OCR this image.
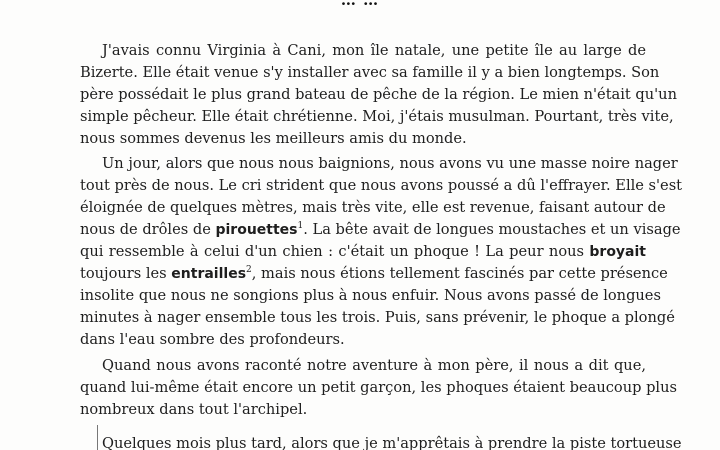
… …
J'avais connu Virginia à Cani, mon île natale, une petite île au large de
Bizerte. Elle était venue s'y installer avec sa famille il y a bien longtemps. Son
père possédait le plus grand bateau de pêche de la région. Le mien n'était qu'un
simple pêcheur. Elle était chrétienne. Moi, j'étais musulman. Pourtant, très vite,
nous sommes devenus les meilleurs amis du monde.
Un jour, alors que nous nous baignions, nous avons vu une masse noire nager
tout près de nous. Le cri strident que nous avons poussé a dû l'effrayer. Elle s'est
éloignée de quelques mètres, mais très vite, elle est revenue, faisant autour de
nous de drôles de pirouettes$^1$. La bête avait de longues moustaches et un visage
qui ressemble à celui d'un chien : c'était un phoque ! La peur nous broyait
toujours les entrailles$^2$, mais nous étions tellement fascinés par cette présence
insolite que nous ne songions plus à nous enfuir. Nous avons passé de longues
minutes à nager ensemble tous les trois. Puis, sans prévenir, le phoque a plongé
dans l'eau sombre des profondeurs.
Quand nous avons raconté notre aventure à mon père, il nous a dit que,
quand lui-même était encore un petit garçon, les phoques étaient beaucoup plus
nombreux dans tout l'archipel.
Quelques mois plus tard, alors que je m'apprêtais à prendre la piste tortueuse
